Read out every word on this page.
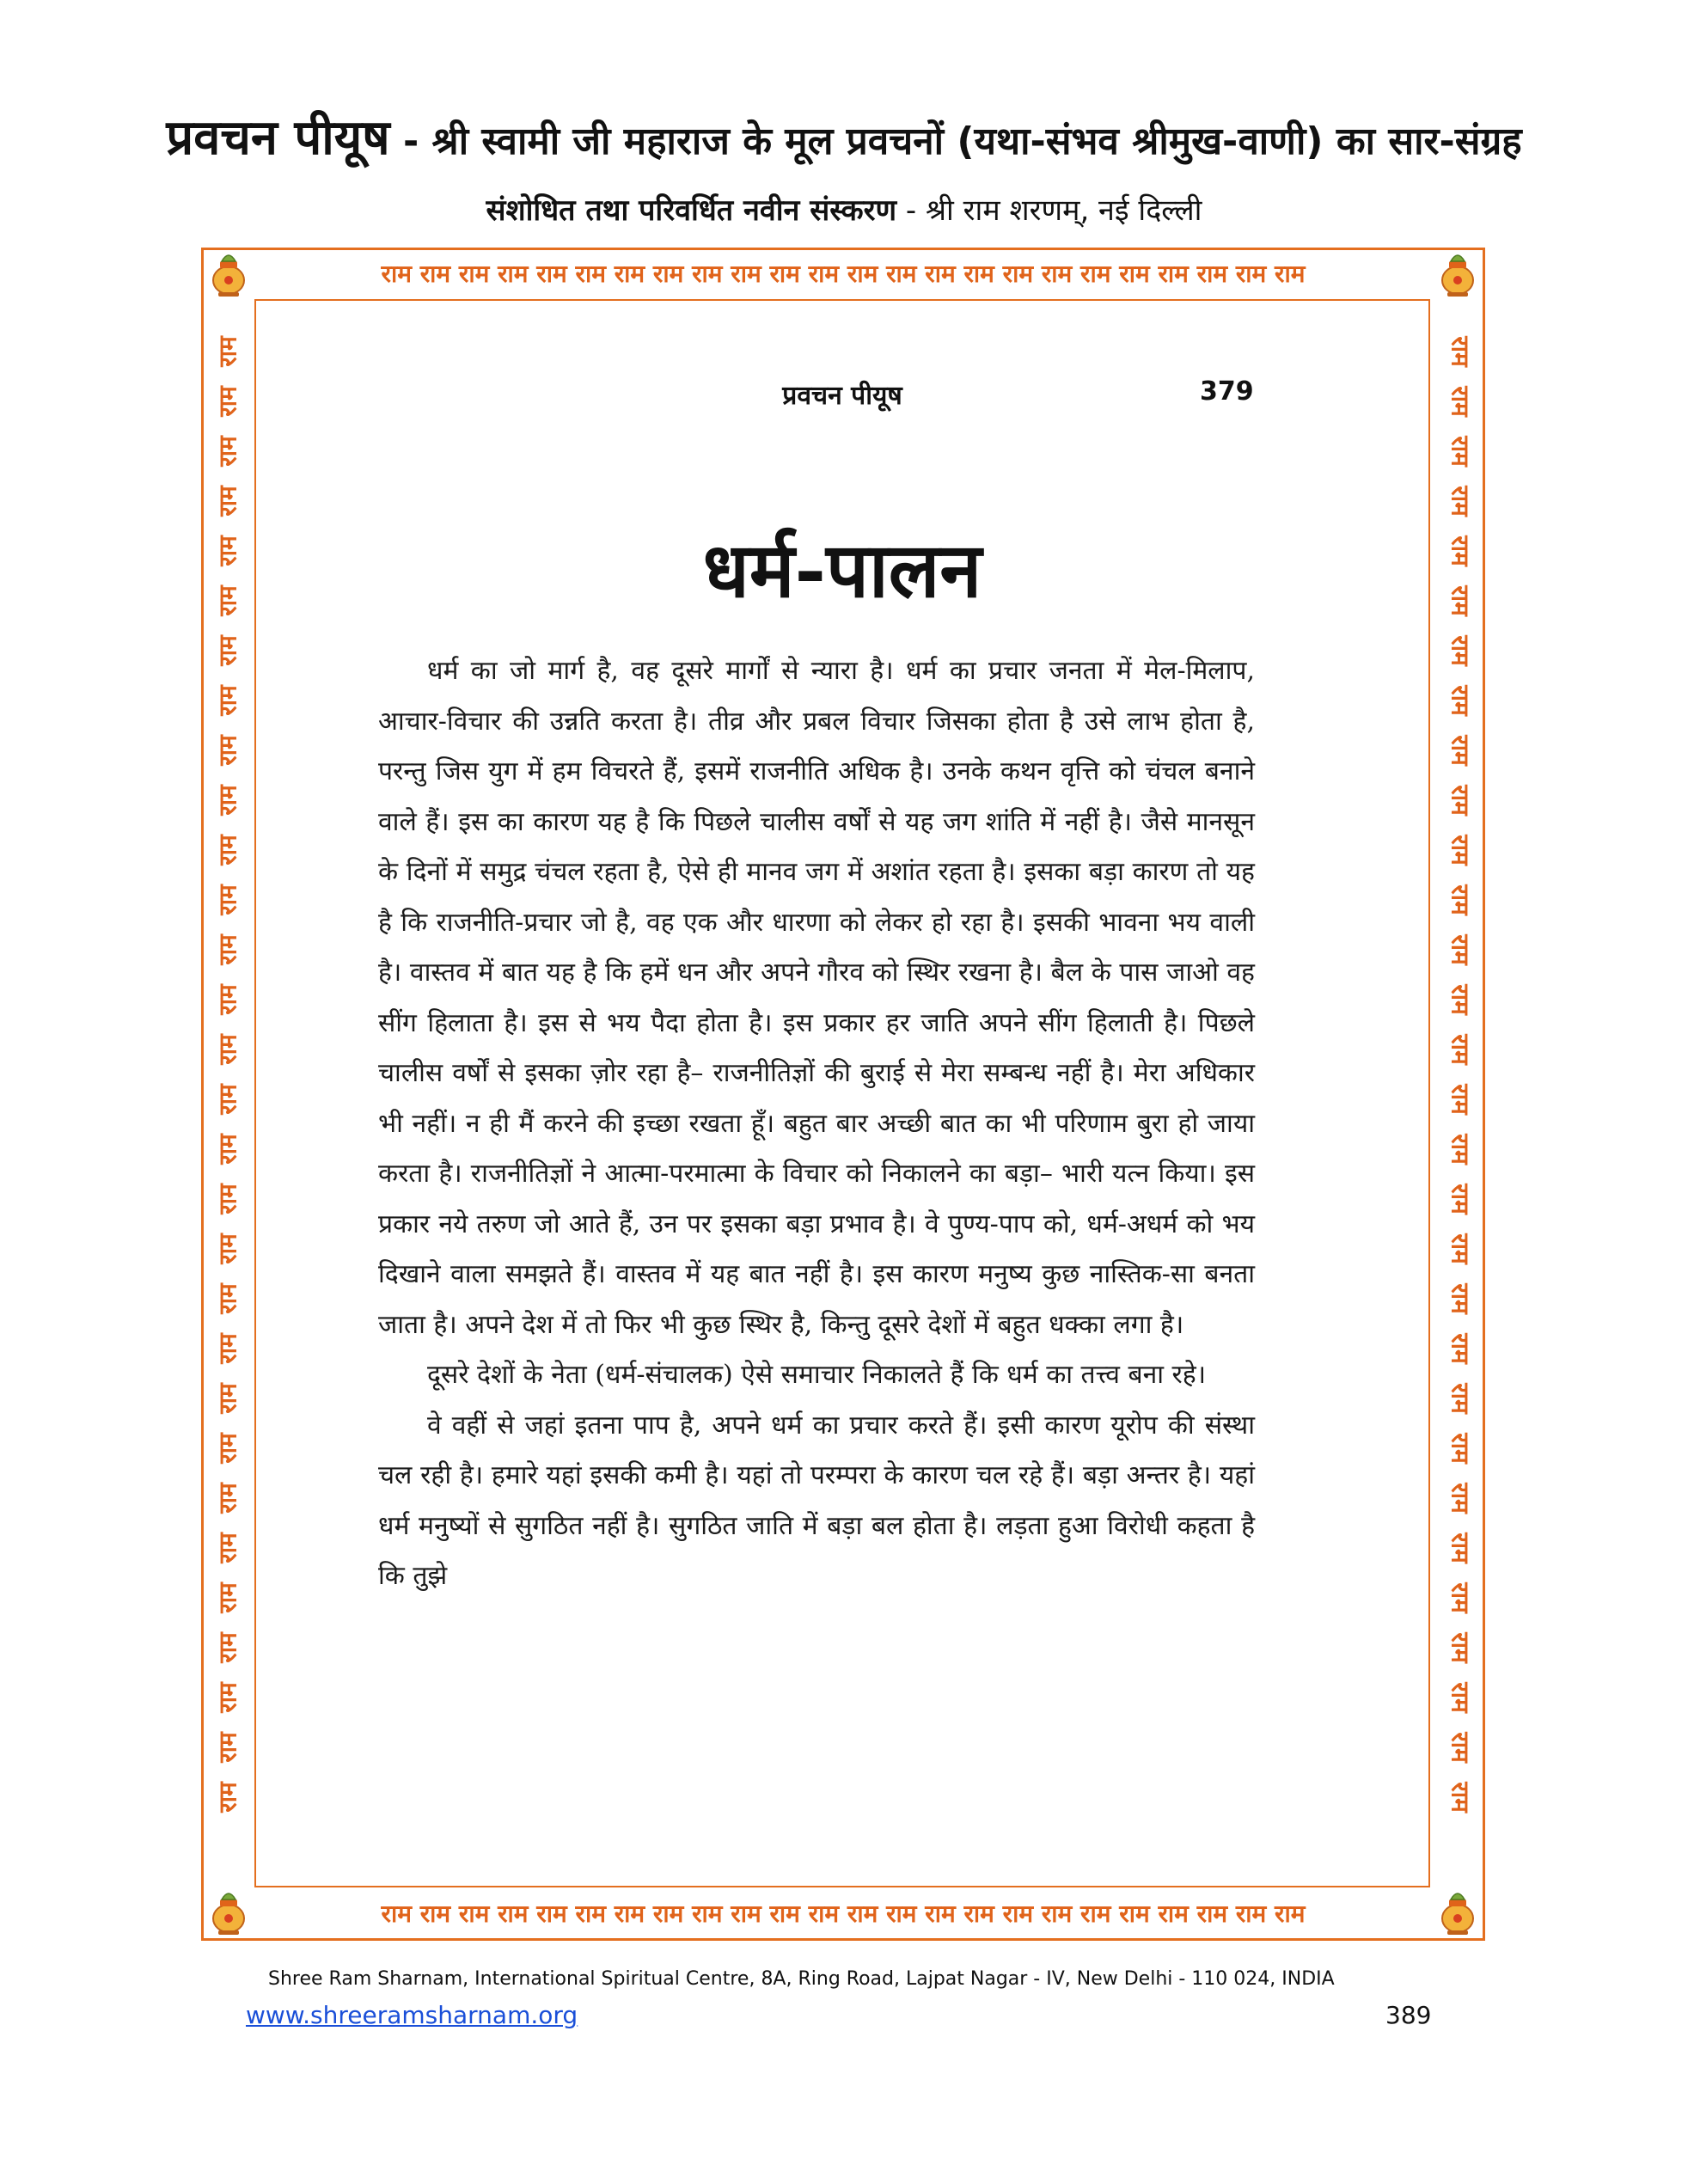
प्रवचन पीयूष - श्री स्वामी जी महाराज के मूल प्रवचनों (यथा-संभव श्रीमुख-वाणी) का सार-संग्रह
संशोधित तथा परिवर्धित नवीन संस्करण - श्री राम शरणम्, नई दिल्ली
राम राम राम राम राम राम राम राम राम राम राम राम राम राम राम राम राम राम राम राम राम राम राम राम
राम राम राम राम राम राम राम राम राम राम राम राम राम राम राम राम राम राम राम राम राम राम राम राम
राम
राम
राम
राम
राम
राम
राम
राम
राम
राम
राम
राम
राम
राम
राम
राम
राम
राम
राम
राम
राम
राम
राम
राम
राम
राम
राम
राम
राम
राम
राम
राम
राम
राम
राम
राम
राम
राम
राम
राम
राम
राम
राम
राम
राम
राम
राम
राम
राम
राम
राम
राम
राम
राम
राम
राम
राम
राम
राम
राम
प्रवचन पीयूष	379
धर्म-पालन

धर्म का जो मार्ग है, वह दूसरे मार्गों से न्यारा है। धर्म का प्रचार जनता में मेल-मिलाप, आचार-विचार की उन्नति करता है। तीव्र और प्रबल विचार जिसका होता है उसे लाभ होता है, परन्तु जिस युग में हम विचरते हैं, इसमें राजनीति अधिक है। उनके कथन वृत्ति को चंचल बनाने वाले हैं। इस का कारण यह है कि पिछले चालीस वर्षों से यह जग शांति में नहीं है। जैसे मानसून के दिनों में समुद्र चंचल रहता है, ऐसे ही मानव जग में अशांत रहता है। इसका बड़ा कारण तो यह है कि राजनीति-प्रचार जो है, वह एक और धारणा को लेकर हो रहा है। इसकी भावना भय वाली है। वास्तव में बात यह है कि हमें धन और अपने गौरव को स्थिर रखना है। बैल के पास जाओ वह सींग हिलाता है। इस से भय पैदा होता है। इस प्रकार हर जाति अपने सींग हिलाती है। पिछले चालीस वर्षों से इसका ज़ोर रहा है– राजनीतिज्ञों की बुराई से मेरा सम्बन्ध नहीं है। मेरा अधिकार भी नहीं। न ही मैं करने की इच्छा रखता हूँ। बहुत बार अच्छी बात का भी परिणाम बुरा हो जाया करता है। राजनीतिज्ञों ने आत्मा-परमात्मा के विचार को निकालने का बड़ा– भारी यत्न किया। इस प्रकार नये तरुण जो आते हैं, उन पर इसका बड़ा प्रभाव है। वे पुण्य-पाप को, धर्म-अधर्म को भय दिखाने वाला समझते हैं। वास्तव में यह बात नहीं है। इस कारण मनुष्य कुछ नास्तिक-सा बनता जाता है। अपने देश में तो फिर भी कुछ स्थिर है, किन्तु दूसरे देशों में बहुत धक्का लगा है।

दूसरे देशों के नेता (धर्म-संचालक) ऐसे समाचार निकालते हैं कि धर्म का तत्त्व बना रहे।

वे वहीं से जहां इतना पाप है, अपने धर्म का प्रचार करते हैं। इसी कारण यूरोप की संस्था चल रही है। हमारे यहां इसकी कमी है। यहां तो परम्परा के कारण चल रहे हैं। बड़ा अन्तर है। यहां धर्म मनुष्यों से सुगठित नहीं है। सुगठित जाति में बड़ा बल होता है। लड़ता हुआ विरोधी कहता है कि तुझे

Shree Ram Sharnam, International Spiritual Centre, 8A, Ring Road, Lajpat Nagar - IV, New Delhi - 110 024, INDIA
www.shreeramsharnam.org	389
